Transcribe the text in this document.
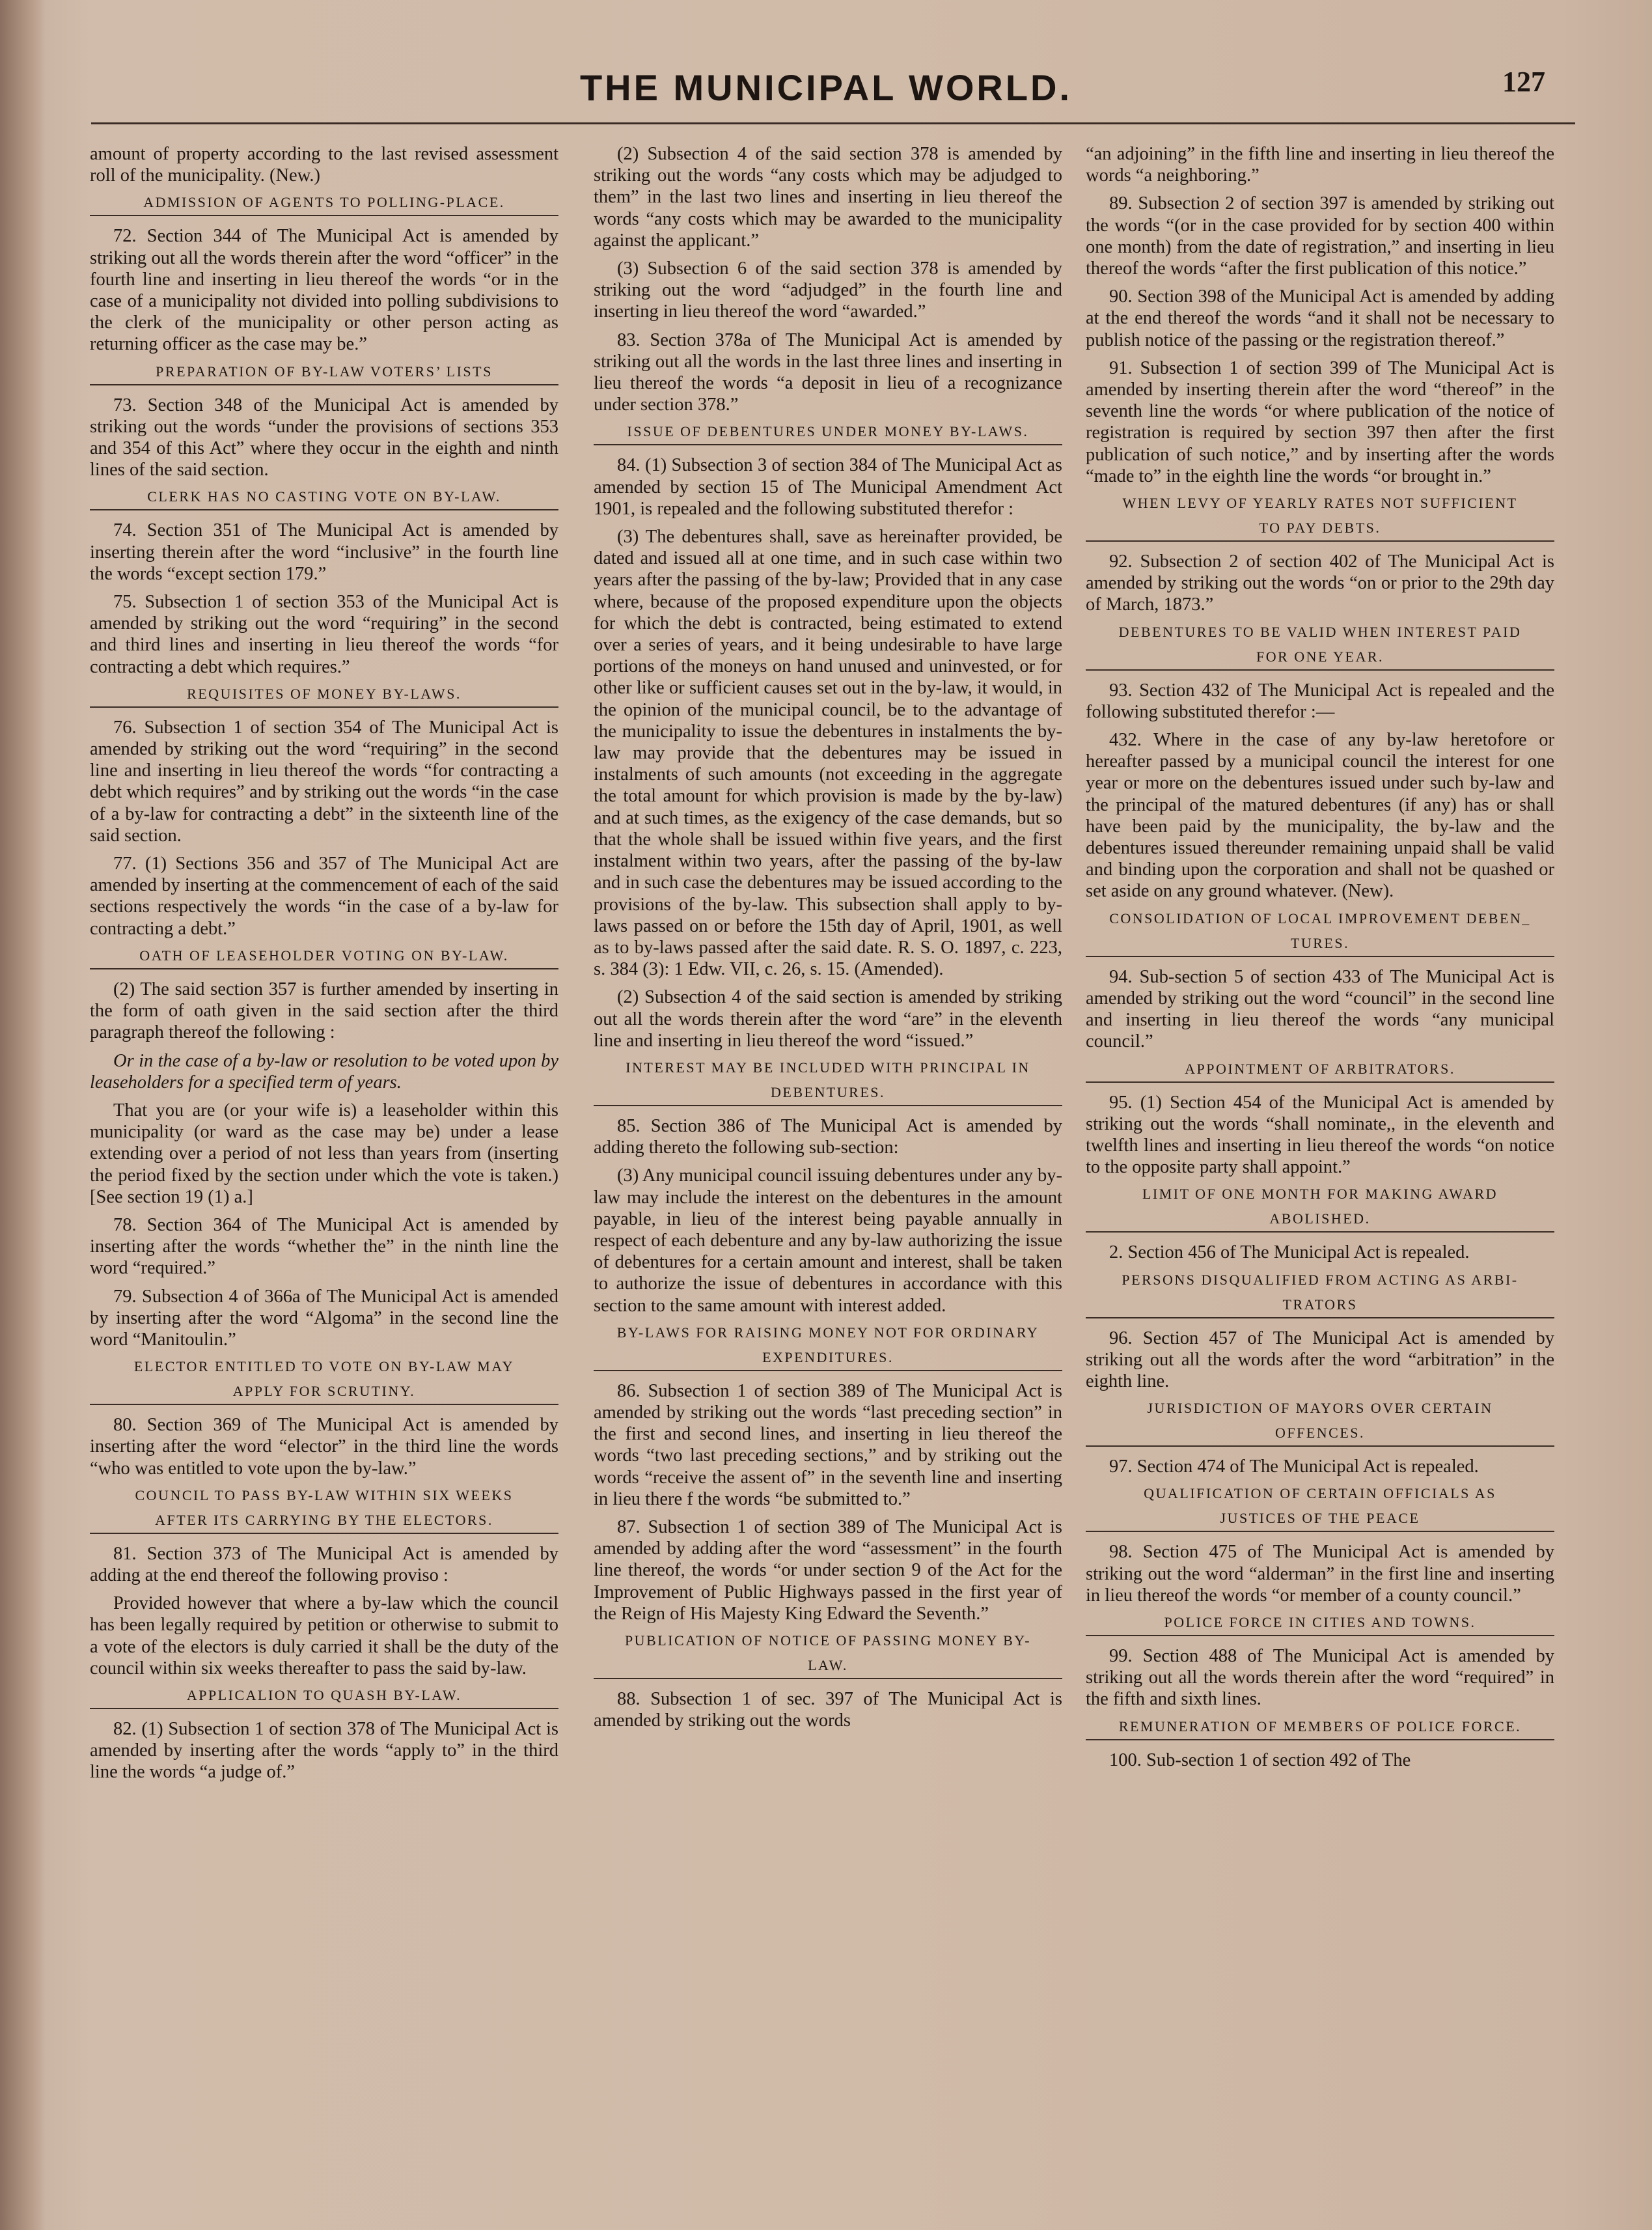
THE MUNICIPAL WORLD.	127

amount of property according to the last revised assessment roll of the municipality. (New.)

ADMISSION OF AGENTS TO POLLING-PLACE.

72. Section 344 of The Municipal Act is amended by striking out all the words therein after the word “officer” in the fourth line and inserting in lieu thereof the words “or in the case of a municipality not divided into polling subdivisions to the clerk of the municipality or other person acting as returning officer as the case may be.”

PREPARATION OF BY-LAW VOTERS’ LISTS

73. Section 348 of the Municipal Act is amended by striking out the words “under the provisions of sections 353 and 354 of this Act” where they occur in the eighth and ninth lines of the said section.

CLERK HAS NO CASTING VOTE ON BY-LAW.

74. Section 351 of The Municipal Act is amended by inserting therein after the word “inclusive” in the fourth line the words “except section 179.”

75. Subsection 1 of section 353 of the Municipal Act is amended by striking out the word “requiring” in the second and third lines and inserting in lieu thereof the words “for contracting a debt which requires.”

REQUISITES OF MONEY BY-LAWS.

76. Subsection 1 of section 354 of The Municipal Act is amended by striking out the word “requiring” in the second line and inserting in lieu thereof the words “for contracting a debt which requires” and by striking out the words “in the case of a by-law for contracting a debt” in the sixteenth line of the said section.

77. (1) Sections 356 and 357 of The Municipal Act are amended by inserting at the commencement of each of the said sections respectively the words “in the case of a by-law for contracting a debt.”

OATH OF LEASEHOLDER VOTING ON BY-LAW.

(2) The said section 357 is further amended by inserting in the form of oath given in the said section after the third paragraph thereof the following :

Or in the case of a by-law or resolution to be voted upon by leaseholders for a specified term of years.

That you are (or your wife is) a leaseholder within this municipality (or ward as the case may be) under a lease extending over a period of not less than years from (inserting the period fixed by the section under which the vote is taken.) [See section 19 (1) a.]

78. Section 364 of The Municipal Act is amended by inserting after the words “whether the” in the ninth line the word “required.”

79. Subsection 4 of 366a of The Municipal Act is amended by inserting after the word “Algoma” in the second line the word “Manitoulin.”

ELECTOR ENTITLED TO VOTE ON BY-LAW MAY
APPLY FOR SCRUTINY.

80. Section 369 of The Municipal Act is amended by inserting after the word “elector” in the third line the words “who was entitled to vote upon the by-law.”

COUNCIL TO PASS BY-LAW WITHIN SIX WEEKS
AFTER ITS CARRYING BY THE ELECTORS.

81. Section 373 of The Municipal Act is amended by adding at the end thereof the following proviso :

Provided however that where a by-law which the council has been legally required by petition or otherwise to submit to a vote of the electors is duly carried it shall be the duty of the council within six weeks thereafter to pass the said by-law.

APPLICALION TO QUASH BY-LAW.

82. (1) Subsection 1 of section 378 of The Municipal Act is amended by inserting after the words “apply to” in the third line the words “a judge of.”

(2) Subsection 4 of the said section 378 is amended by striking out the words “any costs which may be adjudged to them” in the last two lines and inserting in lieu thereof the words “any costs which may be awarded to the municipality against the applicant.”

(3) Subsection 6 of the said section 378 is amended by striking out the word “adjudged” in the fourth line and inserting in lieu thereof the word “awarded.”

83. Section 378a of The Municipal Act is amended by striking out all the words in the last three lines and inserting in lieu thereof the words “a deposit in lieu of a recognizance under section 378.”

ISSUE OF DEBENTURES UNDER MONEY BY-LAWS.

84. (1) Subsection 3 of section 384 of The Municipal Act as amended by section 15 of The Municipal Amendment Act 1901, is repealed and the following substituted therefor :

(3) The debentures shall, save as hereinafter provided, be dated and issued all at one time, and in such case within two years after the passing of the by-law; Provided that in any case where, because of the proposed expenditure upon the objects for which the debt is contracted, being estimated to extend over a series of years, and it being undesirable to have large portions of the moneys on hand unused and uninvested, or for other like or sufficient causes set out in the by-law, it would, in the opinion of the municipal council, be to the advantage of the municipality to issue the debentures in instalments the by-law may provide that the debentures may be issued in instalments of such amounts (not exceeding in the aggregate the total amount for which provision is made by the by-law) and at such times, as the exigency of the case demands, but so that the whole shall be issued within five years, and the first instalment within two years, after the passing of the by-law and in such case the debentures may be issued according to the provisions of the by-law. This subsection shall apply to by-laws passed on or before the 15th day of April, 1901, as well as to by-laws passed after the said date. R. S. O. 1897, c. 223, s. 384 (3): 1 Edw. VII, c. 26, s. 15. (Amended).

(2) Subsection 4 of the said section is amended by striking out all the words therein after the word “are” in the eleventh line and inserting in lieu thereof the word “issued.”

INTEREST MAY BE INCLUDED WITH PRINCIPAL IN
DEBENTURES.

85. Section 386 of The Municipal Act is amended by adding thereto the following sub-section:

(3) Any municipal council issuing debentures under any by-law may include the interest on the debentures in the amount payable, in lieu of the interest being payable annually in respect of each debenture and any by-law authorizing the issue of debentures for a certain amount and interest, shall be taken to authorize the issue of debentures in accordance with this section to the same amount with interest added.

BY-LAWS FOR RAISING MONEY NOT FOR ORDINARY
EXPENDITURES.

86. Subsection 1 of section 389 of The Municipal Act is amended by striking out the words “last preceding section” in the first and second lines, and inserting in lieu thereof the words “two last preceding sections,” and by striking out the words “receive the assent of” in the seventh line and inserting in lieu there f the words “be submitted to.”

87. Subsection 1 of section 389 of The Municipal Act is amended by adding after the word “assessment” in the fourth line thereof, the words “or under section 9 of the Act for the Improvement of Public Highways passed in the first year of the Reign of His Majesty King Edward the Seventh.”

PUBLICATION OF NOTICE OF PASSING MONEY BY-
LAW.

88. Subsection 1 of sec. 397 of The Municipal Act is amended by striking out the words

“an adjoining” in the fifth line and inserting in lieu thereof the words “a neighboring.”

89. Subsection 2 of section 397 is amended by striking out the words “(or in the case provided for by section 400 within one month) from the date of registration,” and inserting in lieu thereof the words “after the first publication of this notice.”

90. Section 398 of the Municipal Act is amended by adding at the end thereof the words “and it shall not be necessary to publish notice of the passing or the registration thereof.”

91. Subsection 1 of section 399 of The Municipal Act is amended by inserting therein after the word “thereof” in the seventh line the words “or where publication of the notice of registration is required by section 397 then after the first publication of such notice,” and by inserting after the words “made to” in the eighth line the words “or brought in.”

WHEN LEVY OF YEARLY RATES NOT SUFFICIENT
TO PAY DEBTS.

92. Subsection 2 of section 402 of The Municipal Act is amended by striking out the words “on or prior to the 29th day of March, 1873.”

DEBENTURES TO BE VALID WHEN INTEREST PAID
FOR ONE YEAR.

93. Section 432 of The Municipal Act is repealed and the following substituted therefor :—

432. Where in the case of any by-law heretofore or hereafter passed by a municipal council the interest for one year or more on the debentures issued under such by-law and the principal of the matured debentures (if any) has or shall have been paid by the municipality, the by-law and the debentures issued thereunder remaining unpaid shall be valid and binding upon the corporation and shall not be quashed or set aside on any ground whatever. (New).

CONSOLIDATION OF LOCAL IMPROVEMENT DEBEN_
TURES.

94. Sub-section 5 of section 433 of The Municipal Act is amended by striking out the word “council” in the second line and inserting in lieu thereof the words “any municipal council.”

APPOINTMENT OF ARBITRATORS.

95. (1) Section 454 of the Municipal Act is amended by striking out the words “shall nominate,, in the eleventh and twelfth lines and inserting in lieu thereof the words “on notice to the opposite party shall appoint.”

LIMIT OF ONE MONTH FOR MAKING AWARD
ABOLISHED.

2. Section 456 of The Municipal Act is repealed.

PERSONS DISQUALIFIED FROM ACTING AS ARBI-
TRATORS

96. Section 457 of The Municipal Act is amended by striking out all the words after the word “arbitration” in the eighth line.

JURISDICTION OF MAYORS OVER CERTAIN
OFFENCES.

97. Section 474 of The Municipal Act is repealed.

QUALIFICATION OF CERTAIN OFFICIALS AS
JUSTICES OF THE PEACE

98. Section 475 of The Municipal Act is amended by striking out the word “alderman” in the first line and inserting in lieu thereof the words “or member of a county council.”

POLICE FORCE IN CITIES AND TOWNS.

99. Section 488 of The Municipal Act is amended by striking out all the words therein after the word “required” in the fifth and sixth lines.

REMUNERATION OF MEMBERS OF POLICE FORCE.

100. Sub-section 1 of section 492 of The
